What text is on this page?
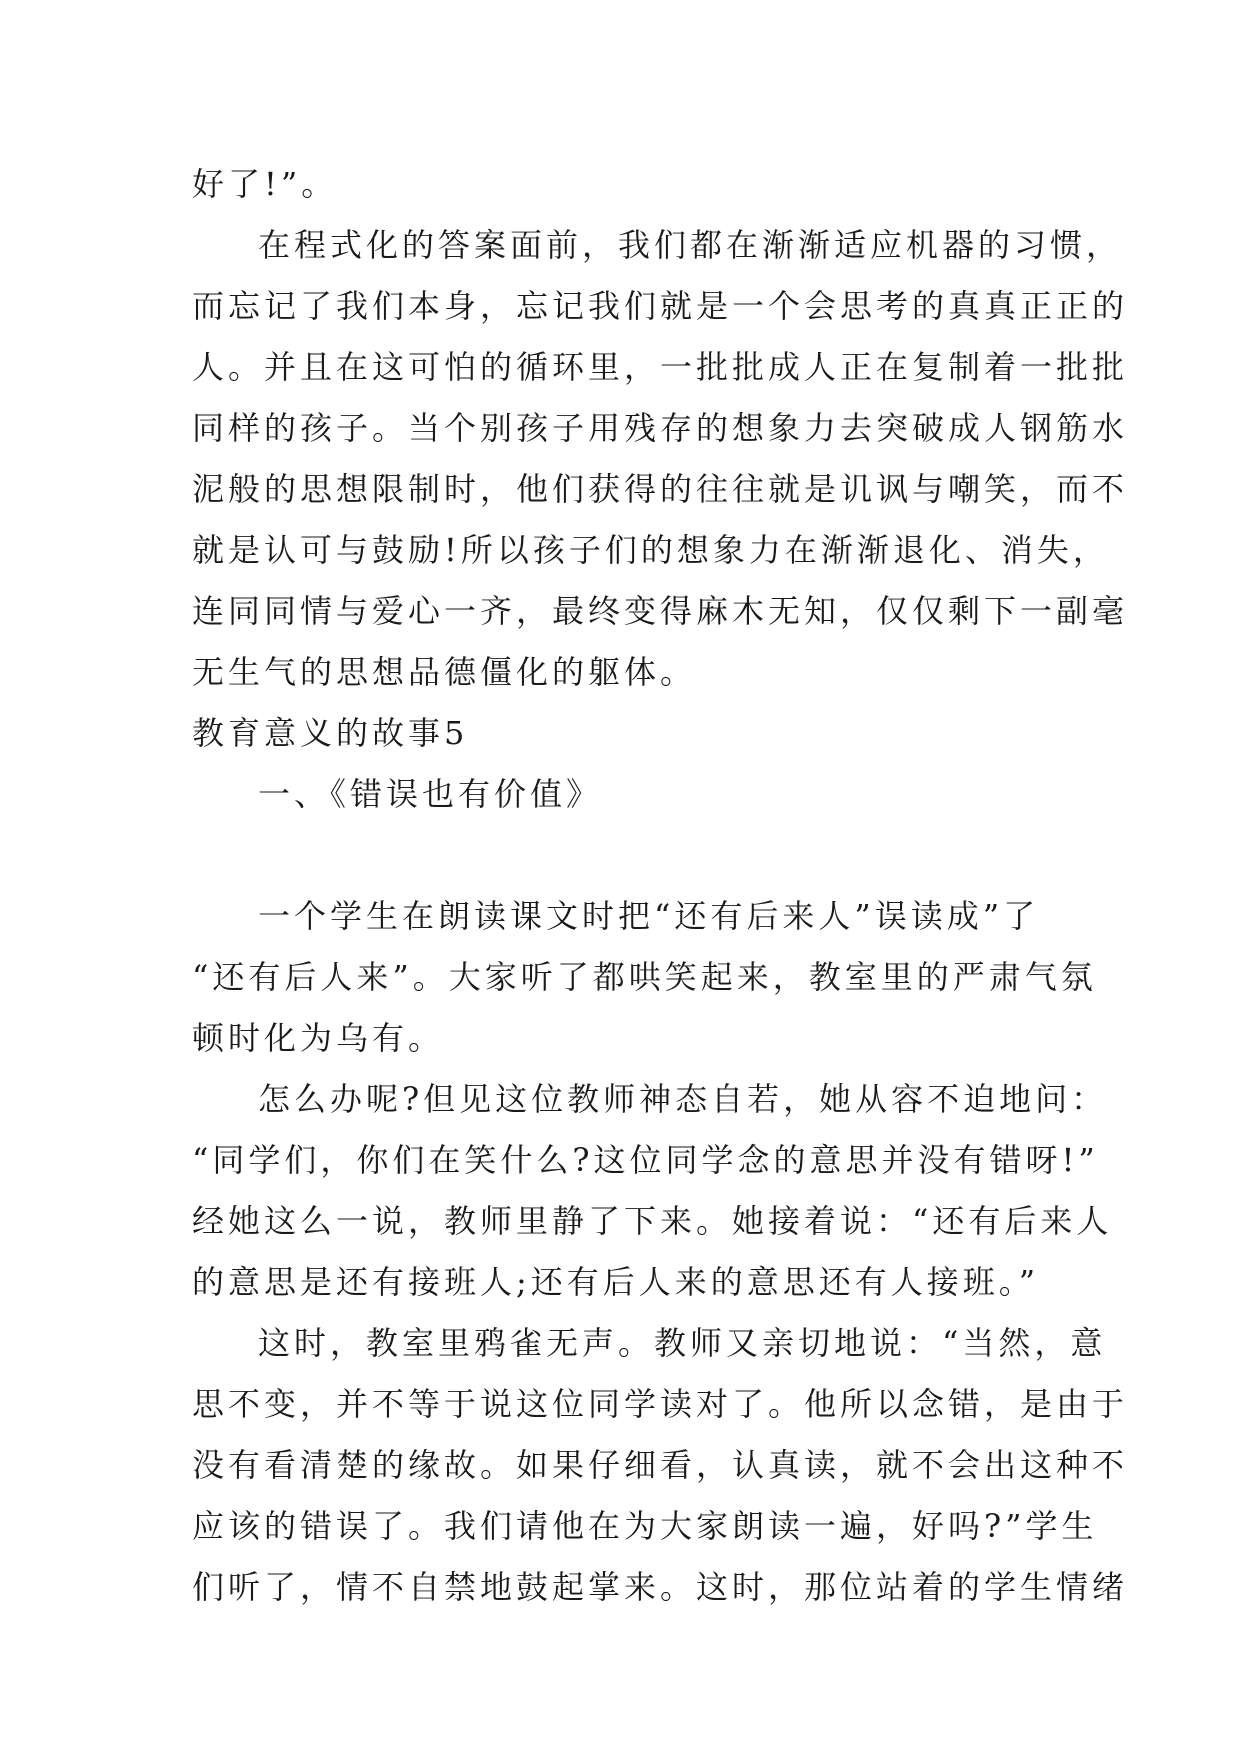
好了!”。
在程式化的答案面前，我们都在渐渐适应机器的习惯，
而忘记了我们本身，忘记我们就是一个会思考的真真正正的
人。并且在这可怕的循环里，一批批成人正在复制着一批批
同样的孩子。当个别孩子用残存的想象力去突破成人钢筋水
泥般的思想限制时，他们获得的往往就是讥讽与嘲笑，而不
就是认可与鼓励!所以孩子们的想象力在渐渐退化、消失，
连同同情与爱心一齐，最终变得麻木无知，仅仅剩下一副毫
无生气的思想品德僵化的躯体。
教育意义的故事5
一、《错误也有价值》
一个学生在朗读课文时把“还有后来人”误读成”了
“还有后人来”。大家听了都哄笑起来，教室里的严肃气氛
顿时化为乌有。
怎么办呢?但见这位教师神态自若，她从容不迫地问：
“同学们，你们在笑什么?这位同学念的意思并没有错呀!”
经她这么一说，教师里静了下来。她接着说：“还有后来人
的意思是还有接班人;还有后人来的意思还有人接班。”
这时，教室里鸦雀无声。教师又亲切地说：“当然，意
思不变，并不等于说这位同学读对了。他所以念错，是由于
没有看清楚的缘故。如果仔细看，认真读，就不会出这种不
应该的错误了。我们请他在为大家朗读一遍，好吗?”学生
们听了，情不自禁地鼓起掌来。这时，那位站着的学生情绪
